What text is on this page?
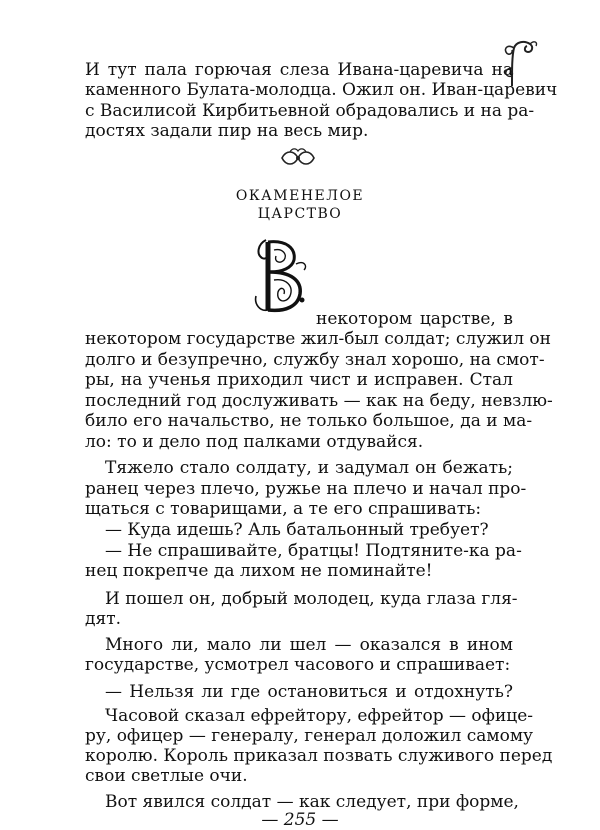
И тут пала горючая слеза Ивана-царевича на
каменного Булата-молодца. Ожил он. Иван-царевич
с Василисой Кирбитьевной обрадовались и на ра-
достях задали пир на весь мир.
ОКАМЕНЕЛОЕ
ЦАРСТВО
В
некотором царстве, в
некотором государстве жил-был солдат; служил он
долго и безупречно, службу знал хорошо, на смот-
ры, на ученья приходил чист и исправен. Стал
последний год дослуживать — как на беду, невзлю-
било его начальство, не только большое, да и ма-
ло: то и дело под палками отдувайся.
Тяжело стало солдату, и задумал он бежать;
ранец через плечо, ружье на плечо и начал про-
щаться с товарищами, а те его спрашивать:
— Куда идешь? Аль батальонный требует?
— Не спрашивайте, братцы! Подтяните-ка ра-
нец покрепче да лихом не поминайте!
И пошел он, добрый молодец, куда глаза гля-
дят.
Много ли, мало ли шел — оказался в ином
государстве, усмотрел часового и спрашивает:
— Нельзя ли где остановиться и отдохнуть?
Часовой сказал ефрейтору, ефрейтор — офице-
ру, офицер — генералу, генерал доложил самому
королю. Король приказал позвать служивого перед
свои светлые очи.
Вот явился солдат — как следует, при форме,
— 255 —
